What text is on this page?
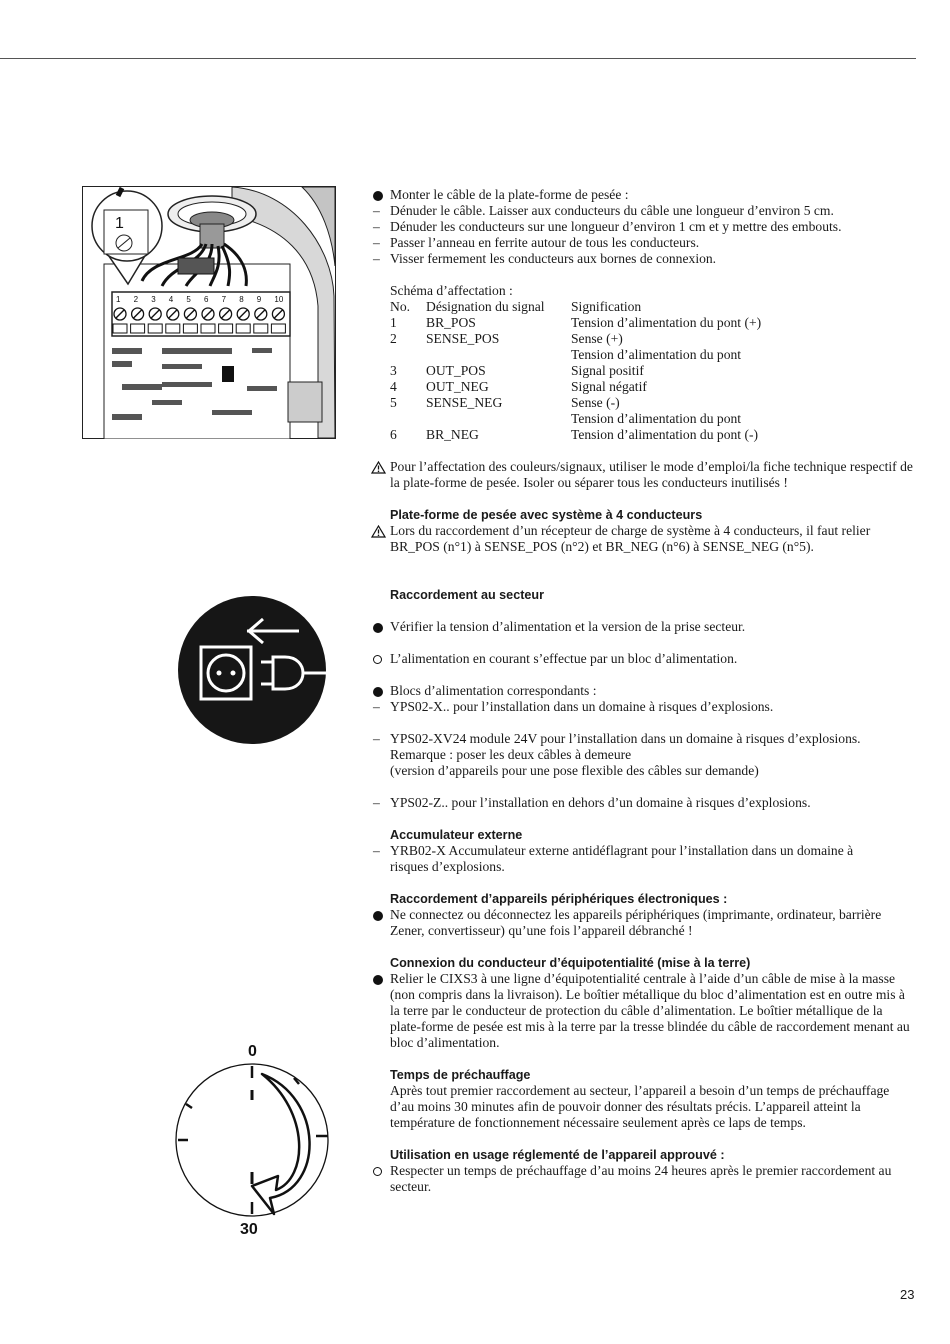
1
1 2 3 4 5 6 7 8 9 10
0
30
Monter le câble de la plate-forme de pesée :
– Dénuder le câble. Laisser aux conducteurs du câble une longueur d’environ 5 cm.
– Dénuder les conducteurs sur une longueur d’environ 1 cm et y mettre des embouts.
– Passer l’anneau en ferrite autour de tous les conducteurs.
– Visser fermement les conducteurs aux bornes de connexion.
Schéma d’affectation :
No.	Désignation du signal	Signification
1	BR_POS	Tension d’alimentation du pont (+)
2	SENSE_POS	Sense (+)
		Tension d’alimentation du pont
3	OUT_POS	Signal positif
4	OUT_NEG	Signal négatif
5	SENSE_NEG	Sense (-)
		Tension d’alimentation du pont
6	BR_NEG	Tension d’alimentation du pont (-)
Pour l’affectation des couleurs/signaux, utiliser le mode d’emploi/la fiche technique respectif de la plate-forme de pesée. Isoler ou séparer tous les conducteurs inutilisés !
Plate-forme de pesée avec système à 4 conducteurs
Lors du raccordement d’un récepteur de charge de système à 4 conducteurs, il faut relier BR_POS (n°1) à SENSE_POS (n°2) et BR_NEG (n°6) à SENSE_NEG (n°5).
Raccordement au secteur
Vérifier la tension d’alimentation et la version de la prise secteur.
L’alimentation en courant s’effectue par un bloc d’alimentation.
Blocs d’alimentation correspondants :
– YPS02-X.. pour l’installation dans un domaine à risques d’explosions.
– YPS02-XV24 module 24V pour l’installation dans un domaine à risques d’explosions.
Remarque : poser les deux câbles à demeure
(version d’appareils pour une pose flexible des câbles sur demande)
– YPS02-Z.. pour l’installation en dehors d’un domaine à risques d’explosions.
Accumulateur externe
– YRB02-X Accumulateur externe antidéflagrant pour l’installation dans un domaine à risques d’explosions.
Raccordement d’appareils périphériques électroniques :
Ne connectez ou déconnectez les appareils périphériques (imprimante, ordinateur, barrière Zener, convertisseur) qu’une fois l’appareil débranché !
Connexion du conducteur d’équipotentialité (mise à la terre)
Relier le CIXS3 à une ligne d’équipotentialité centrale à l’aide d’un câble de mise à la masse (non compris dans la livraison). Le boîtier métallique du bloc d’alimentation est en outre mis à la terre par le conducteur de protection du câble d’alimentation. Le boîtier métallique de la plate-forme de pesée est mis à la terre par la tresse blindée du câble de raccordement menant au bloc d’alimentation.
Temps de préchauffage
Après tout premier raccordement au secteur, l’appareil a besoin d’un temps de préchauffage d’au moins 30 minutes afin de pouvoir donner des résultats précis. L’appareil atteint la température de fonctionnement nécessaire seulement après ce laps de temps.
Utilisation en usage réglementé de l’appareil approuvé :
Respecter un temps de préchauffage d’au moins 24 heures après le premier raccordement au secteur.
23
